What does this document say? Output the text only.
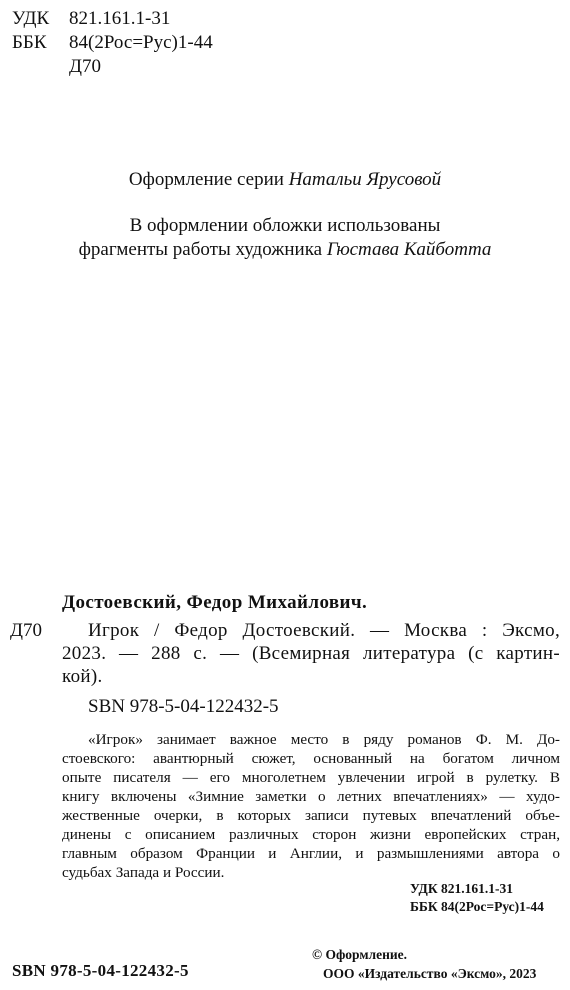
УДК 821.161.1-31
ББК 84(2Рос=Рус)1-44
Д70
Оформление серии Натальи Ярусовой
В оформлении обложки использованы
фрагменты работы художника Гюстава Кайботта
Достоевский, Федор Михайлович.
Д70 Игрок / Федор Достоевский. — Москва : Эксмо,
2023. — 288 с. — (Всемирная литература (с картин-
кой).
SBN 978-5-04-122432-5
«Игрок» занимает важное место в ряду романов Ф. М. До-
стоевского: авантюрный сюжет, основанный на богатом личном
опыте писателя — его многолетнем увлечении игрой в рулетку. В
книгу включены «Зимние заметки о летних впечатлениях» — худо-
жественные очерки, в которых записи путевых впечатлений объе-
динены с описанием различных сторон жизни европейских стран,
главным образом Франции и Англии, и размышлениями автора о
судьбах Запада и России.
УДК 821.161.1-31
ББК 84(2Рос=Рус)1-44
© Оформление.
ООО «Издательство «Эксмо», 2023
SBN 978-5-04-122432-5
